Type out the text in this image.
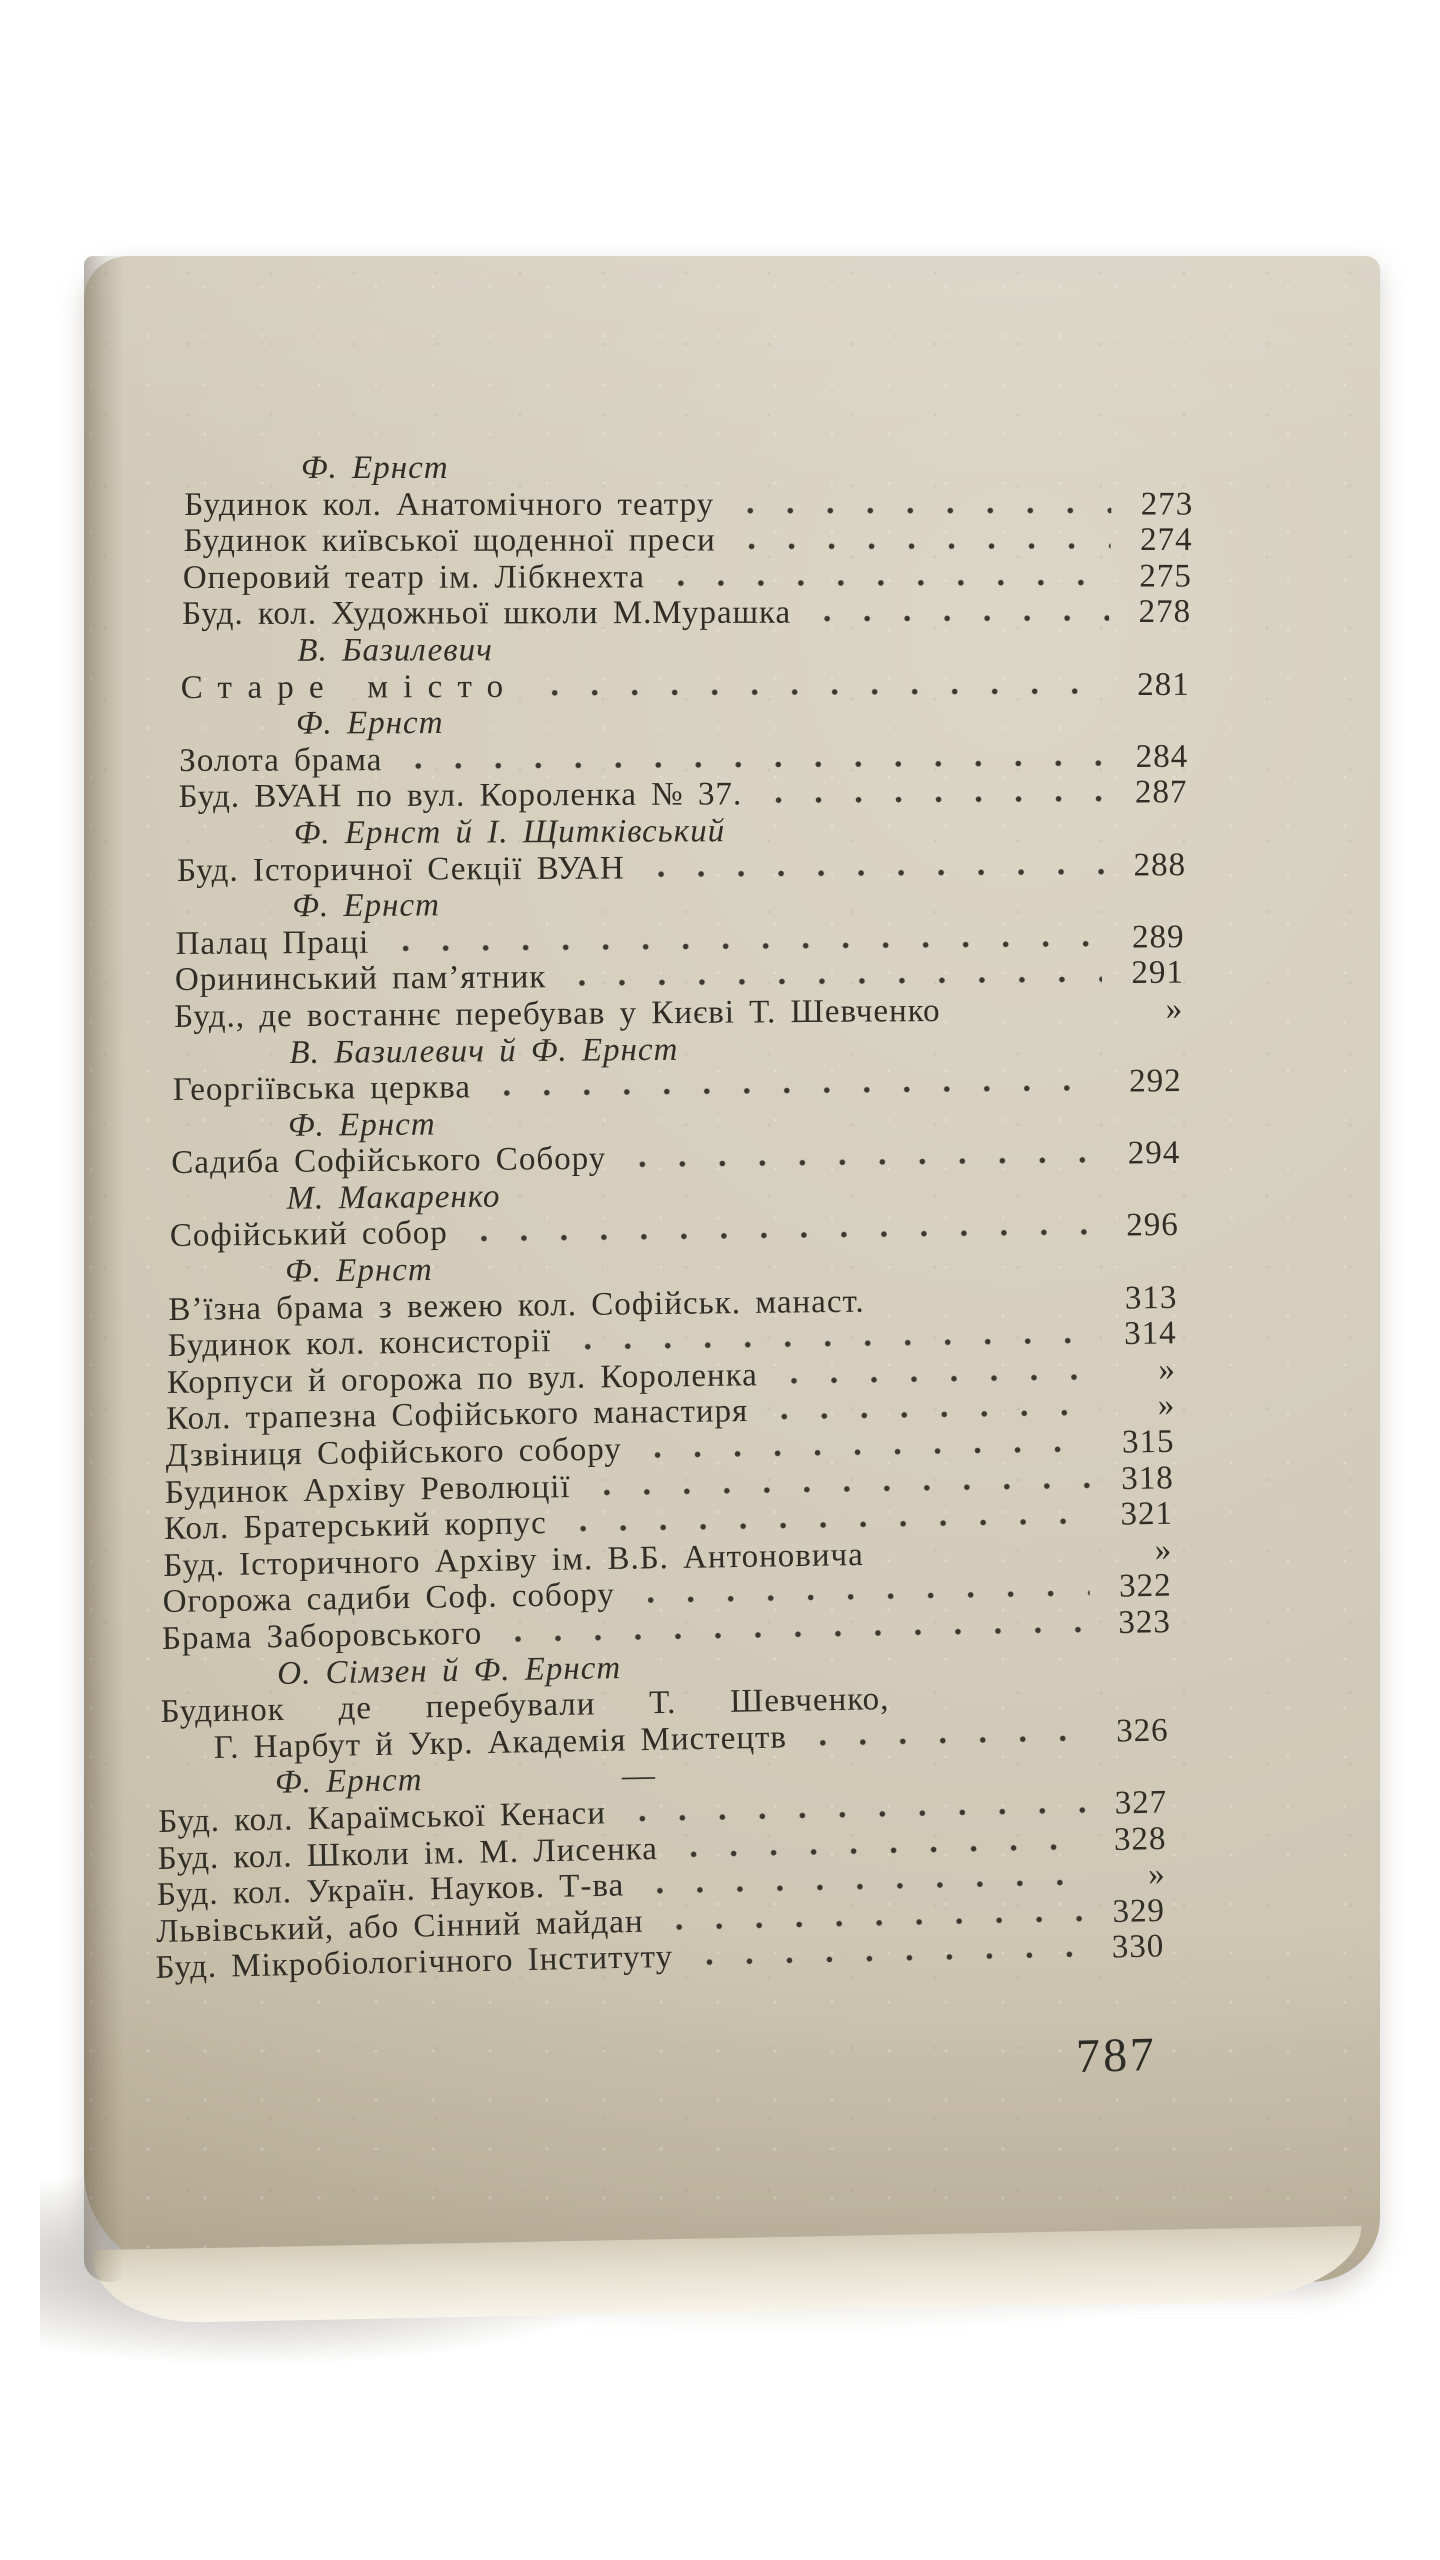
Ф. Ернст
Будинок кол. Анатомічного театру	273
Будинок київської щоденної преси	274
Оперовий театр ім. Лібкнехта	275
Буд. кол. Художньої школи М.Мурашка	278
В. Базилевич
Старе місто	281
Ф. Ернст
Золота брама	284
Буд. ВУАН по вул. Короленка № 37.	287
Ф. Ернст й І. Щитківський
Буд. Історичної Секції ВУАН	288
Ф. Ернст
Палац Праці	289
Орининський пам’ятник	291
Буд., де востаннє перебував у Києві Т. Шевченко	»
В. Базилевич й Ф. Ернст
Георгіївська церква	292
Ф. Ернст
Садиба Софійського Собору	294
М. Макаренко
Софійський собор	296
Ф. Ернст
В’їзна брама з вежею кол. Софійськ. манаст.	313
Будинок кол. консисторії	314
Корпуси й огорожа по вул. Короленка	»
Кол. трапезна Софійського манастиря	»
Дзвіниця Софійського собору	315
Будинок Архіву Революції	318
Кол. Братерський корпус	321
Буд. Історичного Архіву ім. В.Б. Антоновича	»
Огорожа садиби Соф. собору	322
Брама Заборовського	323
О. Сімзен й Ф. Ернст
Будинок де перебували Т. Шевченко,
Г. Нарбут й Укр. Академія Мистецтв	326
Ф. Ернст	—
Буд. кол. Караїмської Кенаси	327
Буд. кол. Школи ім. М. Лисенка	328
Буд. кол. Україн. Науков. Т-ва	»
Львівський, або Сінний майдан	329
Буд. Мікробіологічного Інституту	330
787
